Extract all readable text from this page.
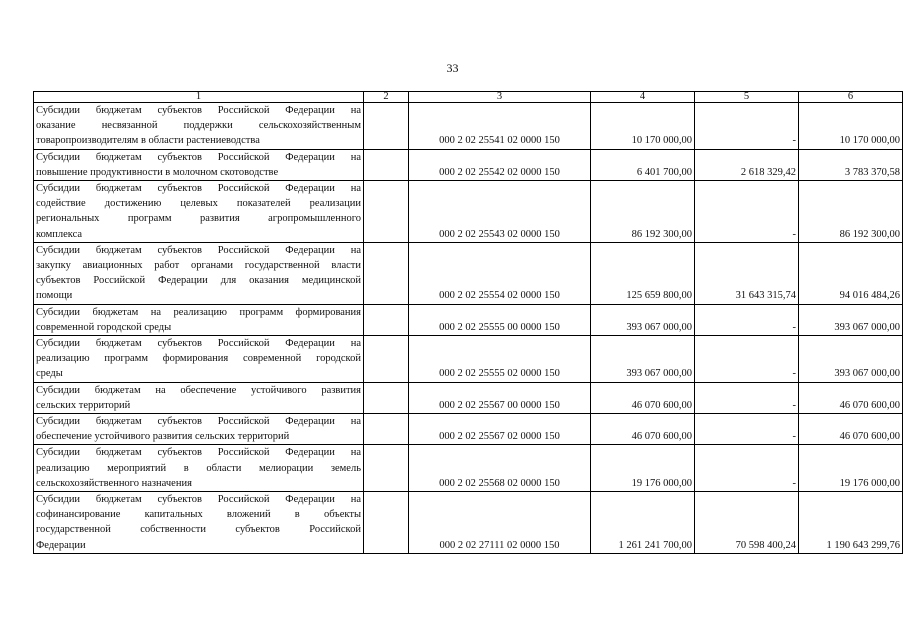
33
1	2	3	4	5	6

Субсидии бюджетам субъектов Российской Федерации на
оказание несвязанной поддержки сельскохозяйственным
товаропроизводителям в области растениеводства		000 2 02 25541 02 0000 150	10 170 000,00	-	10 170 000,00

Субсидии бюджетам субъектов Российской Федерации на
повышение продуктивности в молочном скотоводстве		000 2 02 25542 02 0000 150	6 401 700,00	2 618 329,42	3 783 370,58

Субсидии бюджетам субъектов Российской Федерации на
содействие достижению целевых показателей реализации
региональных программ развития агропромышленного
комплекса		000 2 02 25543 02 0000 150	86 192 300,00	-	86 192 300,00

Субсидии бюджетам субъектов Российской Федерации на
закупку авиационных работ органами государственной власти
субъектов Российской Федерации для оказания медицинской
помощи		000 2 02 25554 02 0000 150	125 659 800,00	31 643 315,74	94 016 484,26

Субсидии бюджетам на реализацию программ формирования
современной городской среды		000 2 02 25555 00 0000 150	393 067 000,00	-	393 067 000,00

Субсидии бюджетам субъектов Российской Федерации на
реализацию программ формирования современной городской
среды		000 2 02 25555 02 0000 150	393 067 000,00	-	393 067 000,00

Субсидии бюджетам на обеспечение устойчивого развития
сельских территорий		000 2 02 25567 00 0000 150	46 070 600,00	-	46 070 600,00

Субсидии бюджетам субъектов Российской Федерации на
обеспечение устойчивого развития сельских территорий		000 2 02 25567 02 0000 150	46 070 600,00	-	46 070 600,00

Субсидии бюджетам субъектов Российской Федерации на
реализацию мероприятий в области мелиорации земель
сельскохозяйственного назначения		000 2 02 25568 02 0000 150	19 176 000,00	-	19 176 000,00

Субсидии бюджетам субъектов Российской Федерации на
софинансирование капитальных вложений в объекты
государственной собственности субъектов Российской
Федерации		000 2 02 27111 02 0000 150	1 261 241 700,00	70 598 400,24	1 190 643 299,76
